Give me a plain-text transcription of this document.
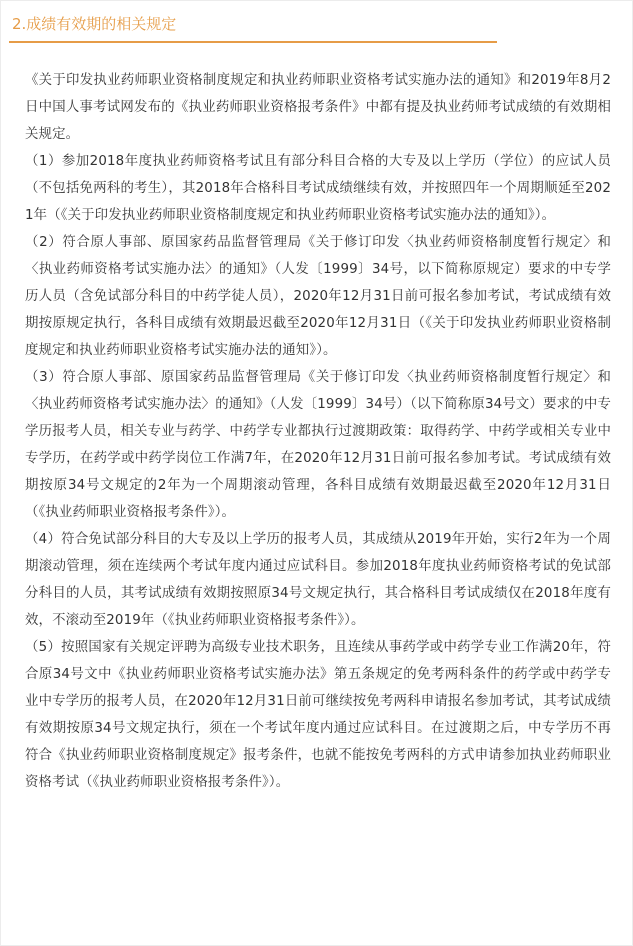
2.成绩有效期的相关规定

《关于印发执业药师职业资格制度规定和执业药师职业资格考试实施办法的通知》和2019年8月2日中国人事考试网发布的《执业药师职业资格报考条件》中都有提及执业药师考试成绩的有效期相关规定。

（1）参加2018年度执业药师资格考试且有部分科目合格的大专及以上学历（学位）的应试人员（不包括免两科的考生），其2018年合格科目考试成绩继续有效，并按照四年一个周期顺延至2021年（《关于印发执业药师职业资格制度规定和执业药师职业资格考试实施办法的通知》）。

（2）符合原人事部、原国家药品监督管理局《关于修订印发〈执业药师资格制度暂行规定〉和〈执业药师资格考试实施办法〉的通知》（人发〔1999〕34号，以下简称原规定）要求的中专学历人员（含免试部分科目的中药学徒人员），2020年12月31日前可报名参加考试，考试成绩有效期按原规定执行，各科目成绩有效期最迟截至2020年12月31日（《关于印发执业药师职业资格制度规定和执业药师职业资格考试实施办法的通知》）。

（3）符合原人事部、原国家药品监督管理局《关于修订印发〈执业药师资格制度暂行规定〉和〈执业药师资格考试实施办法〉的通知》（人发〔1999〕34号）（以下简称原34号文）要求的中专学历报考人员，相关专业与药学、中药学专业都执行过渡期政策：取得药学、中药学或相关专业中专学历，在药学或中药学岗位工作满7年，在2020年12月31日前可报名参加考试。考试成绩有效期按原34号文规定的2年为一个周期滚动管理，各科目成绩有效期最迟截至2020年12月31日（《执业药师职业资格报考条件》）。

（4）符合免试部分科目的大专及以上学历的报考人员，其成绩从2019年开始，实行2年为一个周期滚动管理，须在连续两个考试年度内通过应试科目。参加2018年度执业药师资格考试的免试部分科目的人员，其考试成绩有效期按照原34号文规定执行，其合格科目考试成绩仅在2018年度有效，不滚动至2019年（《执业药师职业资格报考条件》）。

（5）按照国家有关规定评聘为高级专业技术职务，且连续从事药学或中药学专业工作满20年，符合原34号文中《执业药师职业资格考试实施办法》第五条规定的免考两科条件的药学或中药学专业中专学历的报考人员，在2020年12月31日前可继续按免考两科申请报名参加考试，其考试成绩有效期按原34号文规定执行，须在一个考试年度内通过应试科目。在过渡期之后，中专学历不再符合《执业药师职业资格制度规定》报考条件，也就不能按免考两科的方式申请参加执业药师职业资格考试（《执业药师职业资格报考条件》）。
